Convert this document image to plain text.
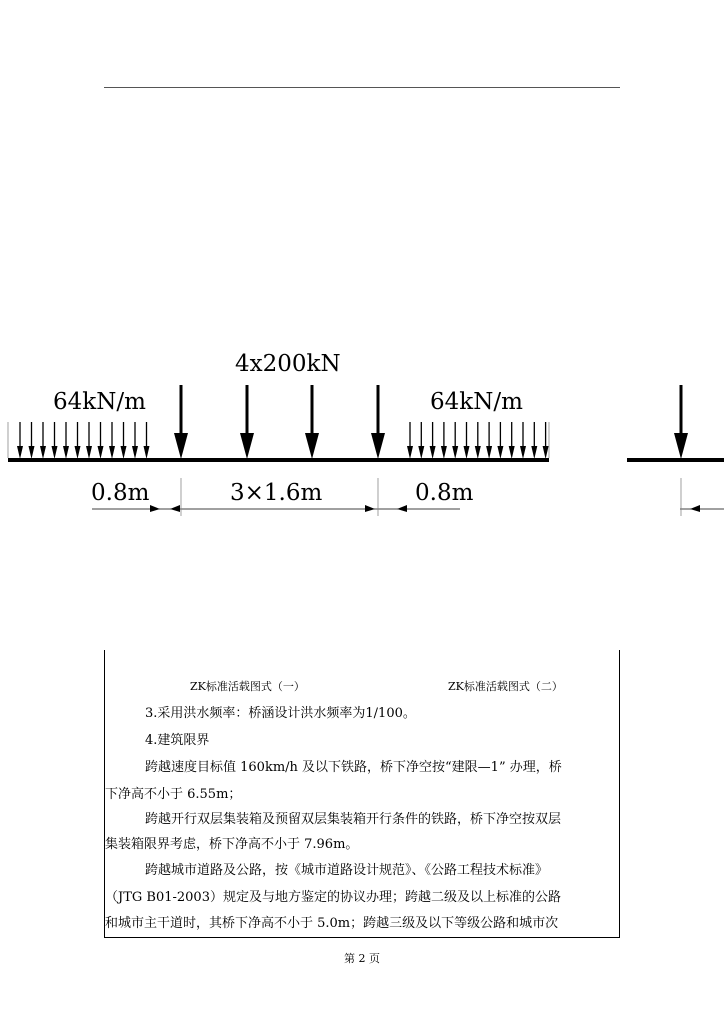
4x200kN
64kN/m	64kN/m
0.8m	3×1.6m	0.8m
ZK标准活载图式（一）	ZK标准活载图式（二）
3.采用洪水频率：桥涵设计洪水频率为1/100。
4.建筑限界
跨越速度目标值 160km/h 及以下铁路，桥下净空按“建限—1” 办理，桥
下净高不小于 6.55m；
跨越开行双层集装箱及预留双层集装箱开行条件的铁路，桥下净空按双层
集装箱限界考虑，桥下净高不小于 7.96m。
跨越城市道路及公路，按《城市道路设计规范》、《公路工程技术标准》
（JTG B01-2003）规定及与地方鉴定的协议办理；跨越二级及以上标准的公路
和城市主干道时，其桥下净高不小于 5.0m；跨越三级及以下等级公路和城市次
第 2 页
